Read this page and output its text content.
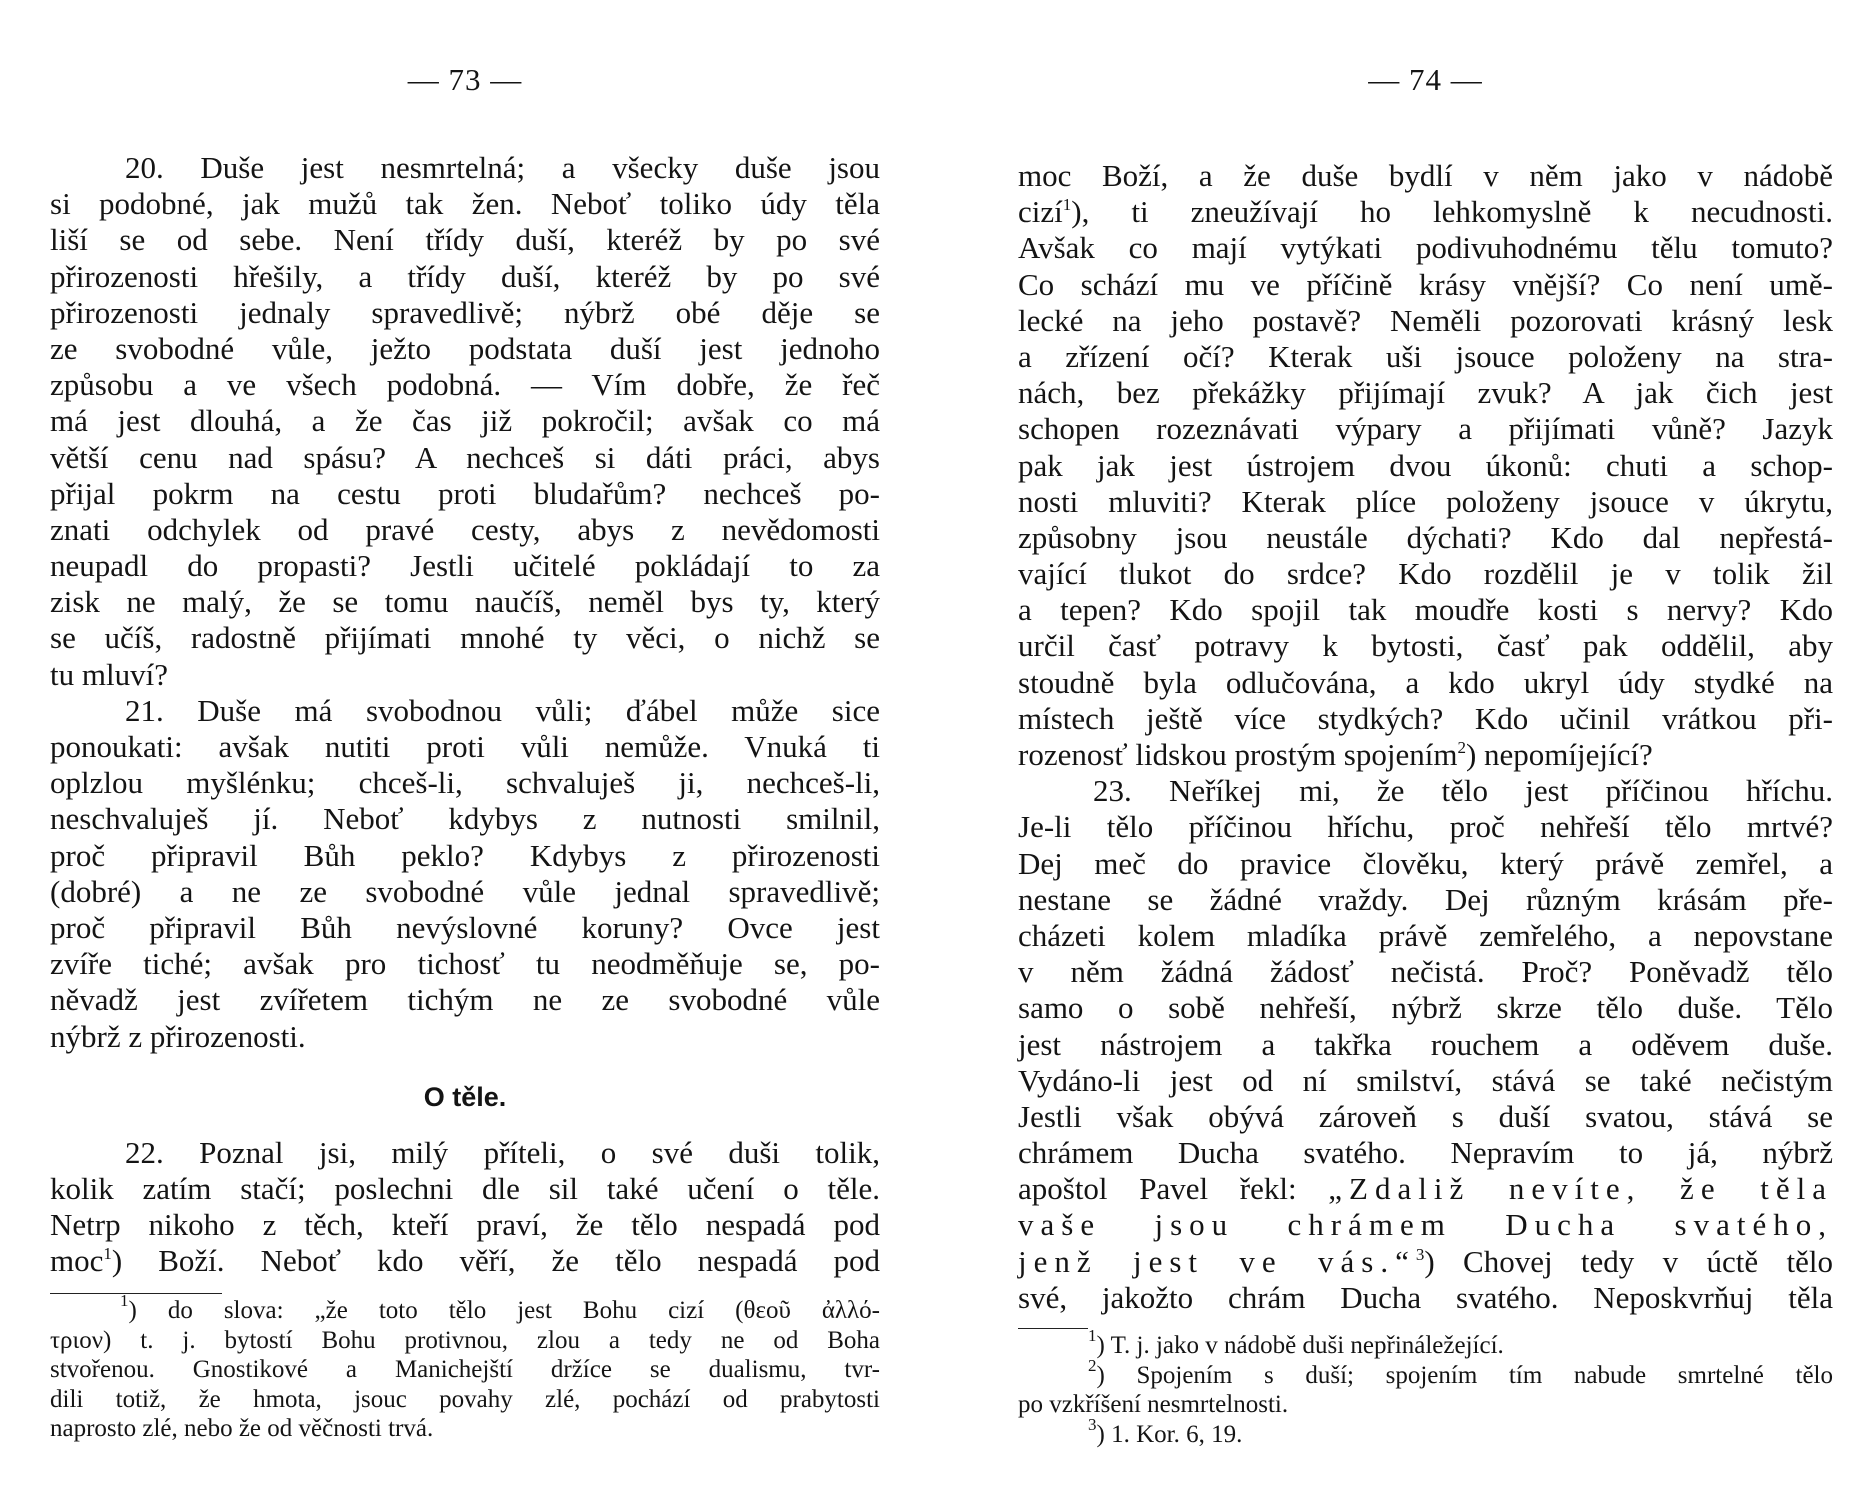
— 73 —
20. Duše jest nesmrtelná; a všecky duše jsou
si podobné, jak mužů tak žen. Neboť toliko údy těla
liší se od sebe. Není třídy duší, kteréž by po své
přirozenosti hřešily, a třídy duší, kteréž by po své
přirozenosti jednaly spravedlivě; nýbrž obé děje se
ze svobodné vůle, ježto podstata duší jest jednoho
způsobu a ve všech podobná. — Vím dobře, že řeč
má jest dlouhá, a že čas již pokročil; avšak co má
větší cenu nad spásu? A nechceš si dáti práci, abys
přijal pokrm na cestu proti bludařům? nechceš po-
znati odchylek od pravé cesty, abys z nevědomosti
neupadl do propasti? Jestli učitelé pokládají to za
zisk ne malý, že se tomu naučíš, neměl bys ty, který
se učíš, radostně přijímati mnohé ty věci, o nichž se
tu mluví?
21. Duše má svobodnou vůli; ďábel může sice
ponoukati: avšak nutiti proti vůli nemůže. Vnuká ti
oplzlou myšlénku; chceš-li, schvaluješ ji, nechceš-li,
neschvaluješ jí. Neboť kdybys z nutnosti smilnil,
proč připravil Bůh peklo? Kdybys z přirozenosti
(dobré) a ne ze svobodné vůle jednal spravedlivě;
proč připravil Bůh nevýslovné koruny? Ovce jest
zvíře tiché; avšak pro tichosť tu neodměňuje se, po-
něvadž jest zvířetem tichým ne ze svobodné vůle
nýbrž z přirozenosti.
O těle.
22. Poznal jsi, milý příteli, o své duši tolik,
kolik zatím stačí; poslechni dle sil také učení o těle.
Netrp nikoho z těch, kteří praví, že tělo nespadá pod
moc$^1$) Boží. Neboť kdo věří, že tělo nespadá pod
$^1$) do slova: „že toto tělo jest Bohu cizí (θεοῦ ἀλλό-
τριον) t. j. bytostí Bohu protivnou, zlou a tedy ne od Boha
stvořenou. Gnostikové a Manichejští držíce se dualismu, tvr-
dili totiž, že hmota, jsouc povahy zlé, pochází od prabytosti
naprosto zlé, nebo že od věčnosti trvá.
— 74 —
moc Boží, a že duše bydlí v něm jako v nádobě
cizí$^1$), ti zneužívají ho lehkomyslně k necudnosti.
Avšak co mají vytýkati podivuhodnému tělu tomuto?
Co schází mu ve příčině krásy vnější? Co není umě-
lecké na jeho postavě? Neměli pozorovati krásný lesk
a zřízení očí? Kterak uši jsouce položeny na stra-
nách, bez překážky přijímají zvuk? A jak čich jest
schopen rozeznávati výpary a přijímati vůně? Jazyk
pak jak jest ústrojem dvou úkonů: chuti a schop-
nosti mluviti? Kterak plíce položeny jsouce v úkrytu,
způsobny jsou neustále dýchati? Kdo dal nepřestá-
vající tlukot do srdce? Kdo rozdělil je v tolik žil
a tepen? Kdo spojil tak moudře kosti s nervy? Kdo
určil časť potravy k bytosti, časť pak oddělil, aby
stoudně byla odlučována, a kdo ukryl údy stydké na
místech ještě více stydkých? Kdo učinil vrátkou při-
rozenosť lidskou prostým spojením$^2$) nepomíjející?
23. Neříkej mi, že tělo jest příčinou hříchu.
Je-li tělo příčinou hříchu, proč nehřeší tělo mrtvé?
Dej meč do pravice člověku, který právě zemřel, a
nestane se žádné vraždy. Dej různým krásám pře-
cházeti kolem mladíka právě zemřelého, a nepovstane
v něm žádná žádosť nečistá. Proč? Poněvadž tělo
samo o sobě nehřeší, nýbrž skrze tělo duše. Tělo
jest nástrojem a takřka rouchem a oděvem duše.
Vydáno-li jest od ní smilství, stává se také nečistým
Jestli však obývá zároveň s duší svatou, stává se
chrámem Ducha svatého. Nepravím to já, nýbrž
apoštol Pavel řekl: „Zdaliž nevíte, že těla
vaše jsou chrámem Ducha svatého,
jenž jest ve vás.“$^3$) Chovej tedy v úctě tělo
své, jakožto chrám Ducha svatého. Neposkvrňuj těla
$^1$) T. j. jako v nádobě duši nepřináležející.
$^2$) Spojením s duší; spojením tím nabude smrtelné tělo
po vzkříšení nesmrtelnosti.
$^3$) 1. Kor. 6, 19.
